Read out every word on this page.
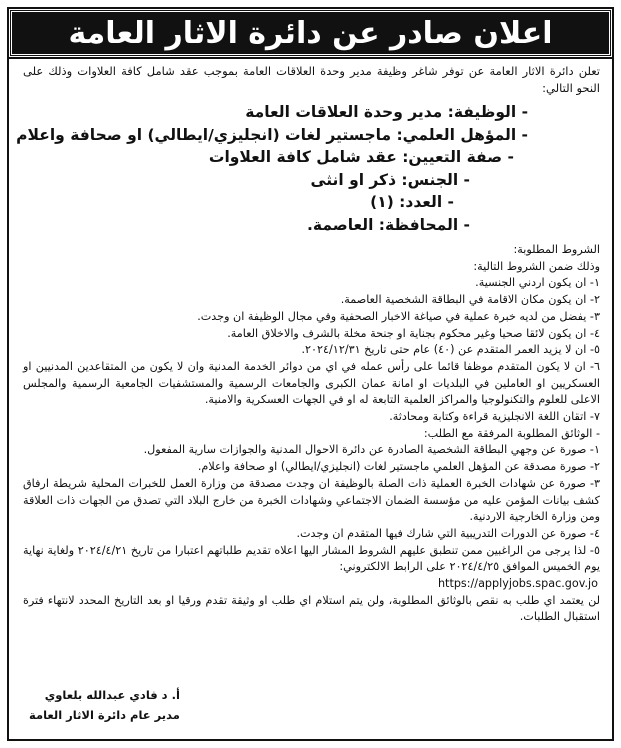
اعلان صادر عن دائرة الاثار العامة

تعلن دائرة الاثار العامة عن توفر شاغر وظيفة مدير وحدة العلاقات العامة بموجب عقد شامل كافة العلاوات وذلك على النحو التالي:

- الوظيفة: مدير وحدة العلاقات العامة

- المؤهل العلمي: ماجستير لغات (انجليزي/ايطالي) او صحافة واعلام

- صفة التعيين: عقد شامل كافة العلاوات

- الجنس: ذكر او انثى

- العدد: (١)

- المحافظة: العاصمة.

الشروط المطلوبة:

وذلك ضمن الشروط التالية:

١- ان يكون اردني الجنسية.

٢- ان يكون مكان الاقامة في البطاقة الشخصية العاصمة.

٣- يفضل من لديه خبرة عملية في صياغة الاخبار الصحفية وفي مجال الوظيفة ان وجدت.

٤- ان يكون لائقا صحيا وغير محكوم بجناية او جنحة مخلة بالشرف والاخلاق العامة.

٥- ان لا يزيد العمر المتقدم عن (٤٠) عام حتى تاريخ ٢٠٢٤/١٢/٣١.

٦- ان لا يكون المتقدم موظفا قائما على رأس عمله في اي من دوائر الخدمة المدنية وان لا يكون من المتقاعدين المدنيين او العسكريين او العاملين في البلديات او امانة عمان الكبرى والجامعات الرسمية والمستشفيات الجامعية الرسمية والمجلس الاعلى للعلوم والتكنولوجيا والمراكز العلمية التابعة له او في الجهات العسكرية والامنية.

٧- اتقان اللغة الانجليزية قراءة وكتابة ومحادثة.

- الوثائق المطلوبة المرفقة مع الطلب:

١- صورة عن وجهي البطاقة الشخصية الصادرة عن دائرة الاحوال المدنية والجوازات سارية المفعول.

٢- صورة مصدقة عن المؤهل العلمي ماجستير لغات (انجليزي/ايطالي) او صحافة واعلام.

٣- صورة عن شهادات الخبرة العملية ذات الصلة بالوظيفة ان وجدت مصدقة من وزارة العمل للخبرات المحلية شريطة ارفاق كشف بيانات المؤمن عليه من مؤسسة الضمان الاجتماعي وشهادات الخبرة من خارج البلاد التي تصدق من الجهات ذات العلاقة ومن وزارة الخارجية الاردنية.

٤- صورة عن الدورات التدريبية التي شارك فيها المتقدم ان وجدت.

٥- لذا يرجى من الراغبين ممن تنطبق عليهم الشروط المشار اليها اعلاه تقديم طلباتهم اعتبارا من تاريخ ٢٠٢٤/٤/٢١ ولغاية نهاية يوم الخميس الموافق ٢٠٢٤/٤/٢٥ على الرابط الالكتروني:

https://applyjobs.spac.gov.jo

لن يعتمد اي طلب به نقص بالوثائق المطلوبة، ولن يتم استلام اي طلب او وثيقة تقدم ورقيا او بعد التاريخ المحدد لانتهاء فترة استقبال الطلبات.

أ. د فادي عبدالله بلعاوي
مدير عام دائرة الاثار العامة
